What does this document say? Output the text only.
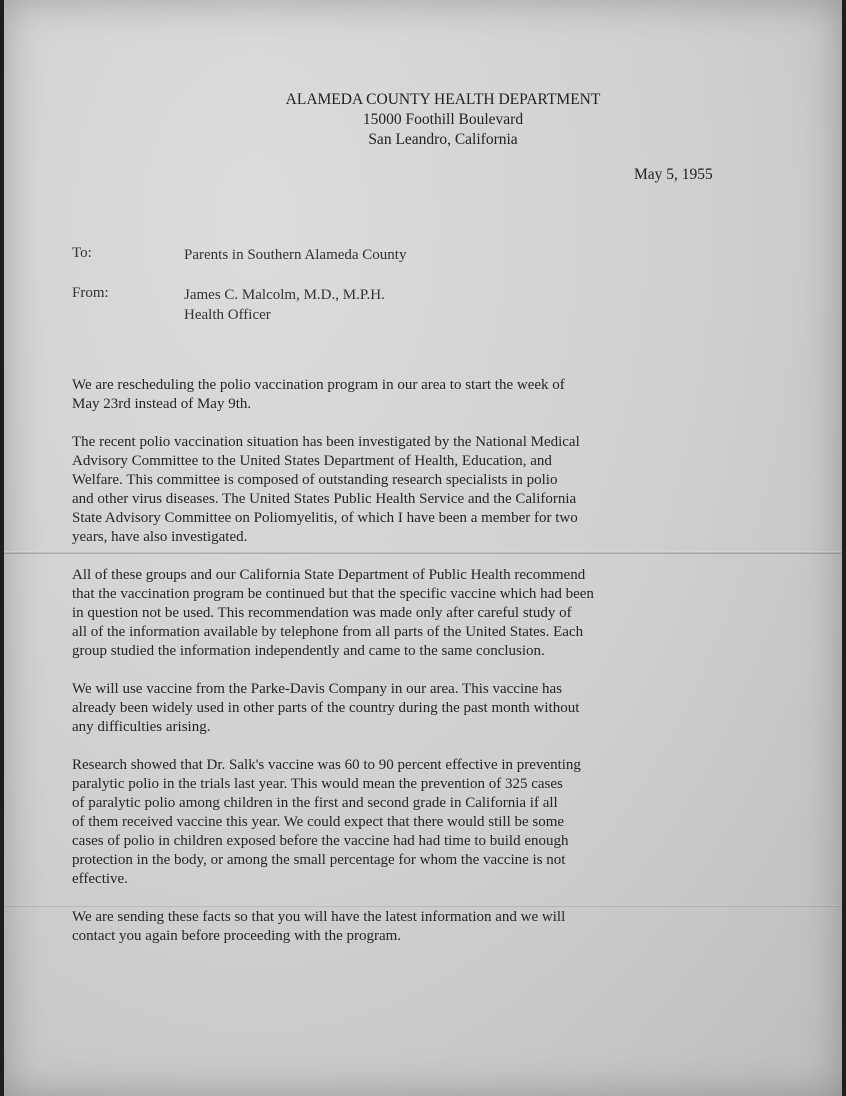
ALAMEDA COUNTY HEALTH DEPARTMENT
15000 Foothill Boulevard
San Leandro, California
May 5, 1955
To:	Parents in Southern Alameda County
From:	James C. Malcolm, M.D., M.P.H.
Health Officer

We are rescheduling the polio vaccination program in our area to start the week of
May 23rd instead of May 9th.

The recent polio vaccination situation has been investigated by the National Medical
Advisory Committee to the United States Department of Health, Education, and
Welfare. This committee is composed of outstanding research specialists in polio
and other virus diseases. The United States Public Health Service and the California
State Advisory Committee on Poliomyelitis, of which I have been a member for two
years, have also investigated.

All of these groups and our California State Department of Public Health recommend
that the vaccination program be continued but that the specific vaccine which had been
in question not be used. This recommendation was made only after careful study of
all of the information available by telephone from all parts of the United States. Each
group studied the information independently and came to the same conclusion.

We will use vaccine from the Parke-Davis Company in our area. This vaccine has
already been widely used in other parts of the country during the past month without
any difficulties arising.

Research showed that Dr. Salk's vaccine was 60 to 90 percent effective in preventing
paralytic polio in the trials last year. This would mean the prevention of 325 cases
of paralytic polio among children in the first and second grade in California if all
of them received vaccine this year. We could expect that there would still be some
cases of polio in children exposed before the vaccine had had time to build enough
protection in the body, or among the small percentage for whom the vaccine is not
effective.

We are sending these facts so that you will have the latest information and we will
contact you again before proceeding with the program.
